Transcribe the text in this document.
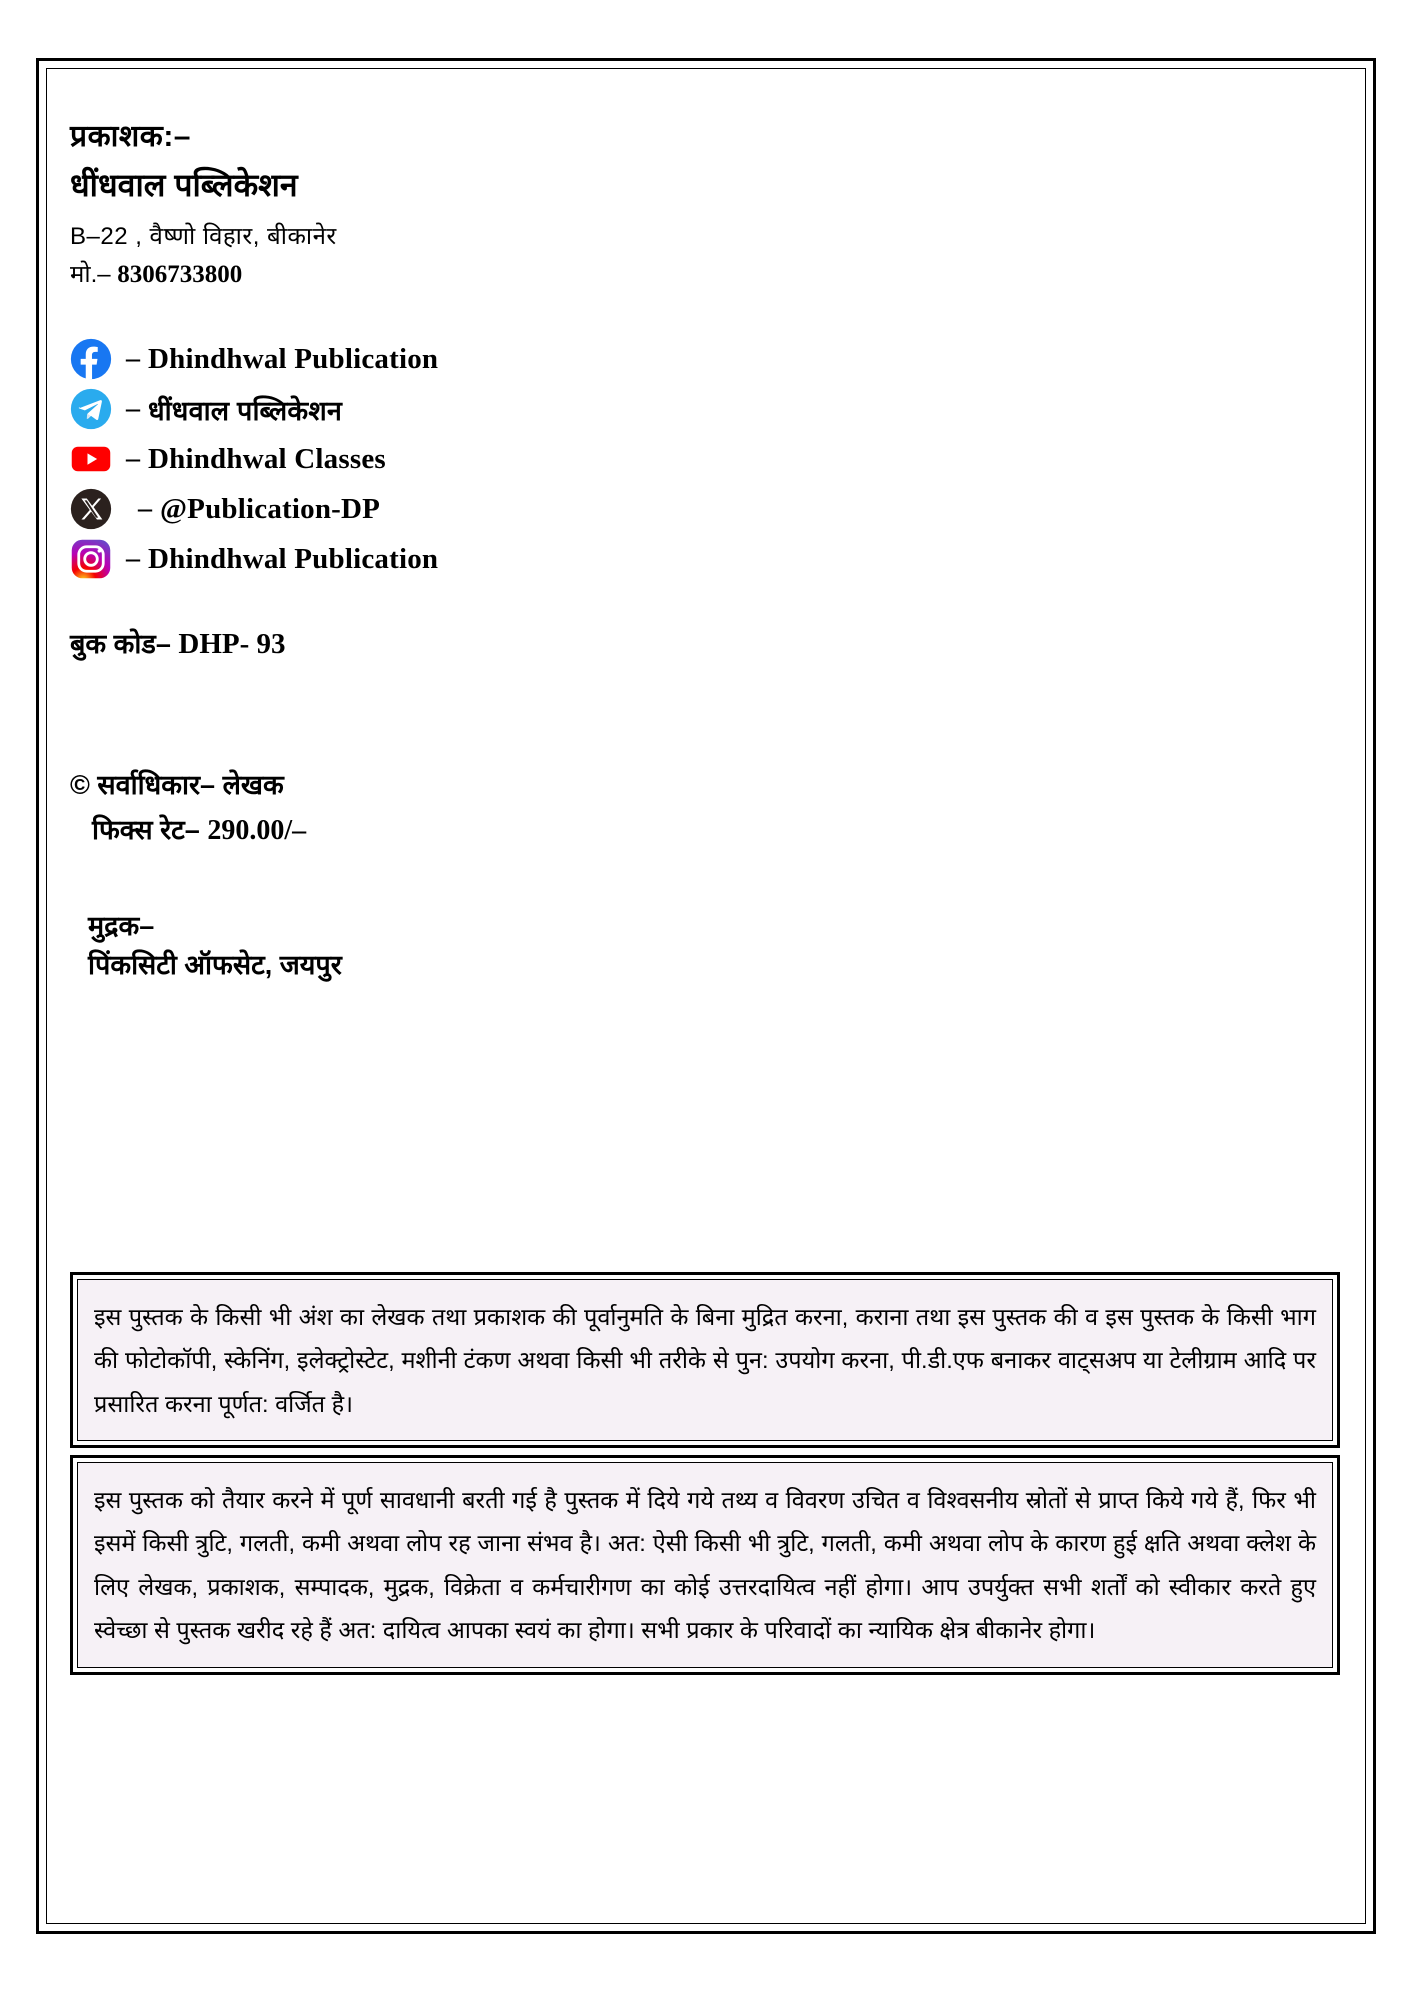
प्रकाशक:–
धींधवाल पब्लिकेशन
B–22 , वैष्णो विहार, बीकानेर
मो.– 8306733800
– Dhindhwal Publication
– धींधवाल पब्लिकेशन
– Dhindhwal Classes
– @Publication-DP
– Dhindhwal Publication
बुक कोड– DHP- 93
© सर्वाधिकार– लेखक
फिक्स रेट– 290.00/–
मुद्रक–
पिंकसिटी ऑफसेट, जयपुर

इस पुस्तक के किसी भी अंश का लेखक तथा प्रकाशक की पूर्वानुमति के बिना मुद्रित करना, कराना तथा इस पुस्तक की व इस पुस्तक के किसी भाग की फोटोकॉपी, स्केनिंग, इलेक्ट्रोस्टेट, मशीनी टंकण अथवा किसी भी तरीके से पुन: उपयोग करना, पी.डी.एफ बनाकर वाट्सअप या टेलीग्राम आदि पर प्रसारित करना पूर्णत: वर्जित है।

इस पुस्तक को तैयार करने में पूर्ण सावधानी बरती गई है पुस्तक में दिये गये तथ्य व विवरण उचित व विश्वसनीय स्रोतों से प्राप्त किये गये हैं, फिर भी इसमें किसी त्रुटि, गलती, कमी अथवा लोप रह जाना संभव है। अत: ऐसी किसी भी त्रुटि, गलती, कमी अथवा लोप के कारण हुई क्षति अथवा क्लेश के लिए लेखक, प्रकाशक, सम्पादक, मुद्रक, विक्रेता व कर्मचारीगण का कोई उत्तरदायित्व नहीं होगा। आप उपर्युक्त सभी शर्तों को स्वीकार करते हुए स्वेच्छा से पुस्तक खरीद रहे हैं अत: दायित्व आपका स्वयं का होगा। सभी प्रकार के परिवादों का न्यायिक क्षेत्र बीकानेर होगा।
